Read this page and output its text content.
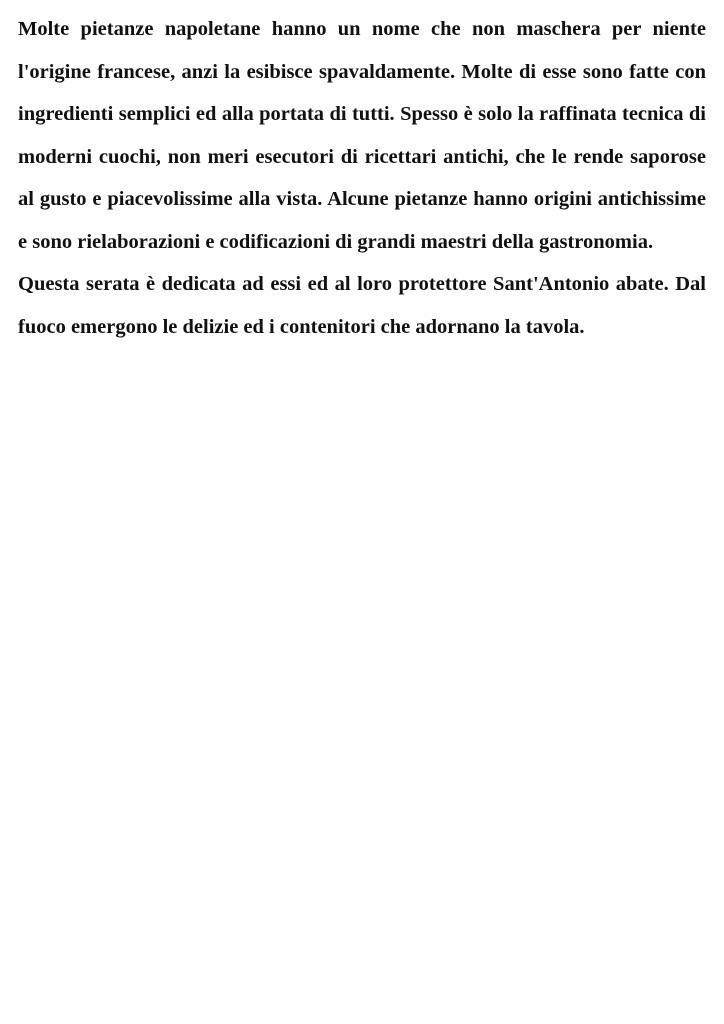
Molte pietanze napoletane hanno un nome che non maschera per niente l'origine francese, anzi la esibisce spavaldamente. Molte di esse sono fatte con ingredienti semplici ed alla portata di tutti. Spesso è solo la raffinata tecnica di moderni cuochi, non meri esecutori di ricettari antichi, che le rende saporose al gusto e piacevolissime alla vista. Alcune pietanze hanno origini antichissime e sono rielaborazioni e codificazioni di grandi maestri della gastronomia.

Questa serata è dedicata ad essi ed al loro protettore Sant'Antonio abate. Dal fuoco emergono le delizie ed i contenitori che adornano la tavola.
